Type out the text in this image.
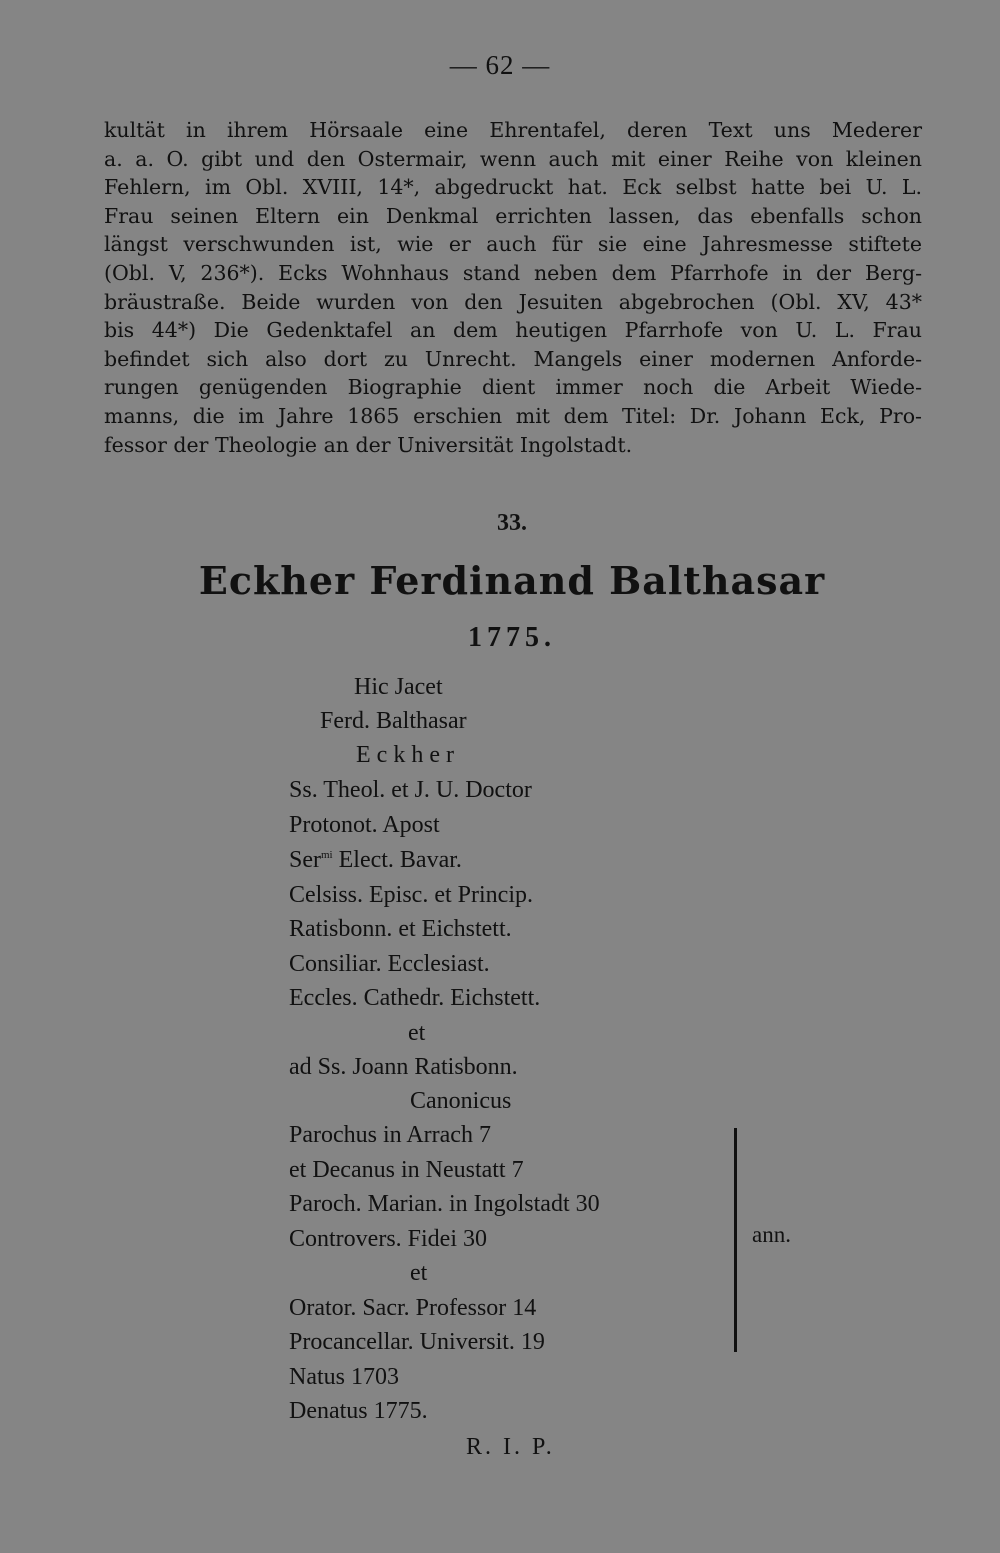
— 62 —
kultät in ihrem Hörsaale eine Ehrentafel, deren Text uns Mederer
a. a. O. gibt und den Ostermair, wenn auch mit einer Reihe von kleinen
Fehlern, im Obl. XVIII, 14*, abgedruckt hat. Eck selbst hatte bei U. L.
Frau seinen Eltern ein Denkmal errichten lassen, das ebenfalls schon
längst verschwunden ist, wie er auch für sie eine Jahresmesse stiftete
(Obl. V, 236*). Ecks Wohnhaus stand neben dem Pfarrhofe in der Berg-
bräustraße. Beide wurden von den Jesuiten abgebrochen (Obl. XV, 43*
bis 44*) Die Gedenktafel an dem heutigen Pfarrhofe von U. L. Frau
befindet sich also dort zu Unrecht. Mangels einer modernen Anforde-
rungen genügenden Biographie dient immer noch die Arbeit Wiede-
manns, die im Jahre 1865 erschien mit dem Titel: Dr. Johann Eck, Pro-
fessor der Theologie an der Universität Ingolstadt.
33.
Eckher Ferdinand Balthasar
1775.
Hic Jacet
Ferd. Balthasar
E c k h e r
Ss. Theol. et J. U. Doctor
Protonot. Apost
Ser$^{mi}$ Elect. Bavar.
Celsiss. Episc. et Princip.
Ratisbonn. et Eichstett.
Consiliar. Ecclesiast.
Eccles. Cathedr. Eichstett.
et
ad Ss. Joann Ratisbonn.
Canonicus
Parochus in Arrach 7
et Decanus in Neustatt 7
Paroch. Marian. in Ingolstadt 30
Controvers. Fidei 30
et
Orator. Sacr. Professor 14
Procancellar. Universit. 19
Natus 1703
Denatus 1775.
ann.
R. I. P.
